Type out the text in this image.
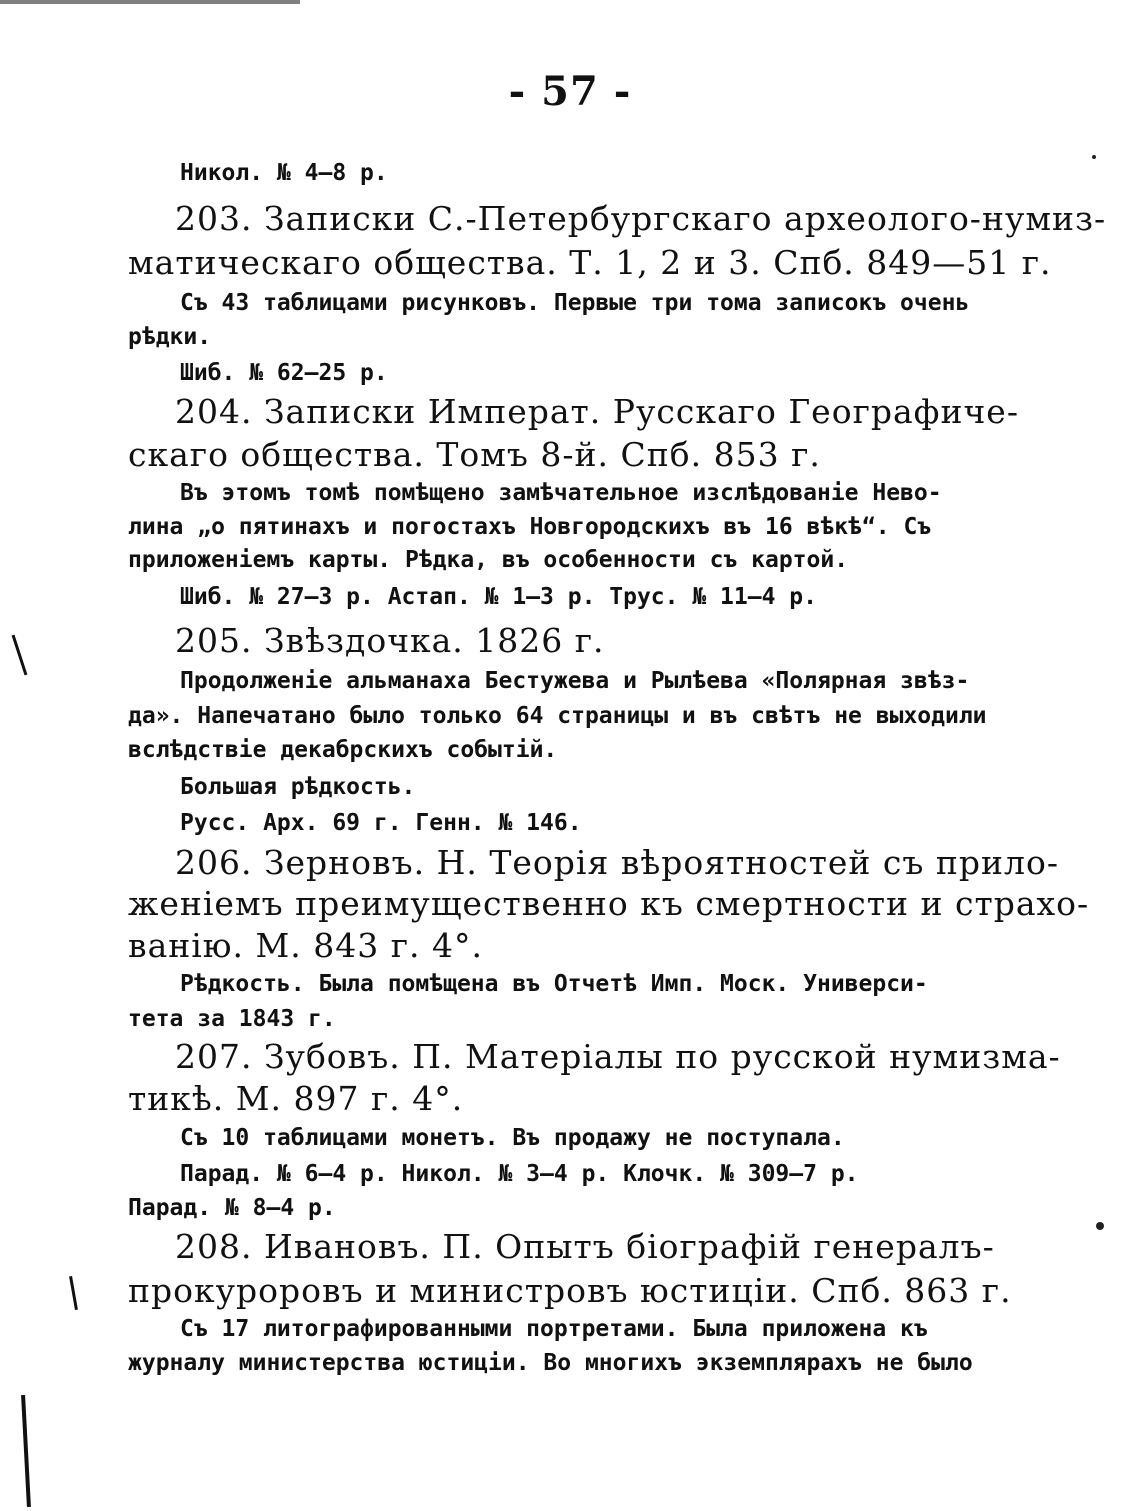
- 57 -
Никол. № 4—8 р.
203. Записки С.-Петербургскаго археолого-нумиз-
матическаго общества. Т. 1, 2 и 3. Спб. 849—51 г.
Съ 43 таблицами рисунковъ. Первые три тома записокъ очень
рѣдки.
Шиб. № 62—25 р.
204. Записки Императ. Русскаго Географиче-
скаго общества. Томъ 8-й. Спб. 853 г.
Въ этомъ томѣ помѣщено замѣчательное изслѣдованіе Нево-
лина „о пятинахъ и погостахъ Новгородскихъ въ 16 вѣкѣ“. Съ
приложеніемъ карты. Рѣдка, въ особенности съ картой.
Шиб. № 27—3 р. Астап. № 1—3 р. Трус. № 11—4 р.
205. Звѣздочка. 1826 г.
Продолженіе альманаха Бестужева и Рылѣева «Полярная звѣз-
да». Напечатано было только 64 страницы и въ свѣтъ не выходили
вслѣдствіе декабрскихъ событій.
Большая рѣдкость.
Русс. Арх. 69 г. Генн. № 146.
206. Зерновъ. Н. Теорія вѣроятностей съ прило-
женіемъ преимущественно къ смертности и страхо-
ванію. М. 843 г. 4°.
Рѣдкость. Была помѣщена въ Отчетѣ Имп. Моск. Универси-
тета за 1843 г.
207. Зубовъ. П. Матеріалы по русской нумизма-
тикѣ. М. 897 г. 4°.
Съ 10 таблицами монетъ. Въ продажу не поступала.
Парад. № 6—4 р. Никол. № 3—4 р. Клочк. № 309—7 р.
Парад. № 8—4 р.
208. Ивановъ. П. Опытъ біографій генералъ-
прокуроровъ и министровъ юстиціи. Спб. 863 г.
Съ 17 литографированными портретами. Была приложена къ
журналу министерства юстиціи. Во многихъ экземплярахъ не было
